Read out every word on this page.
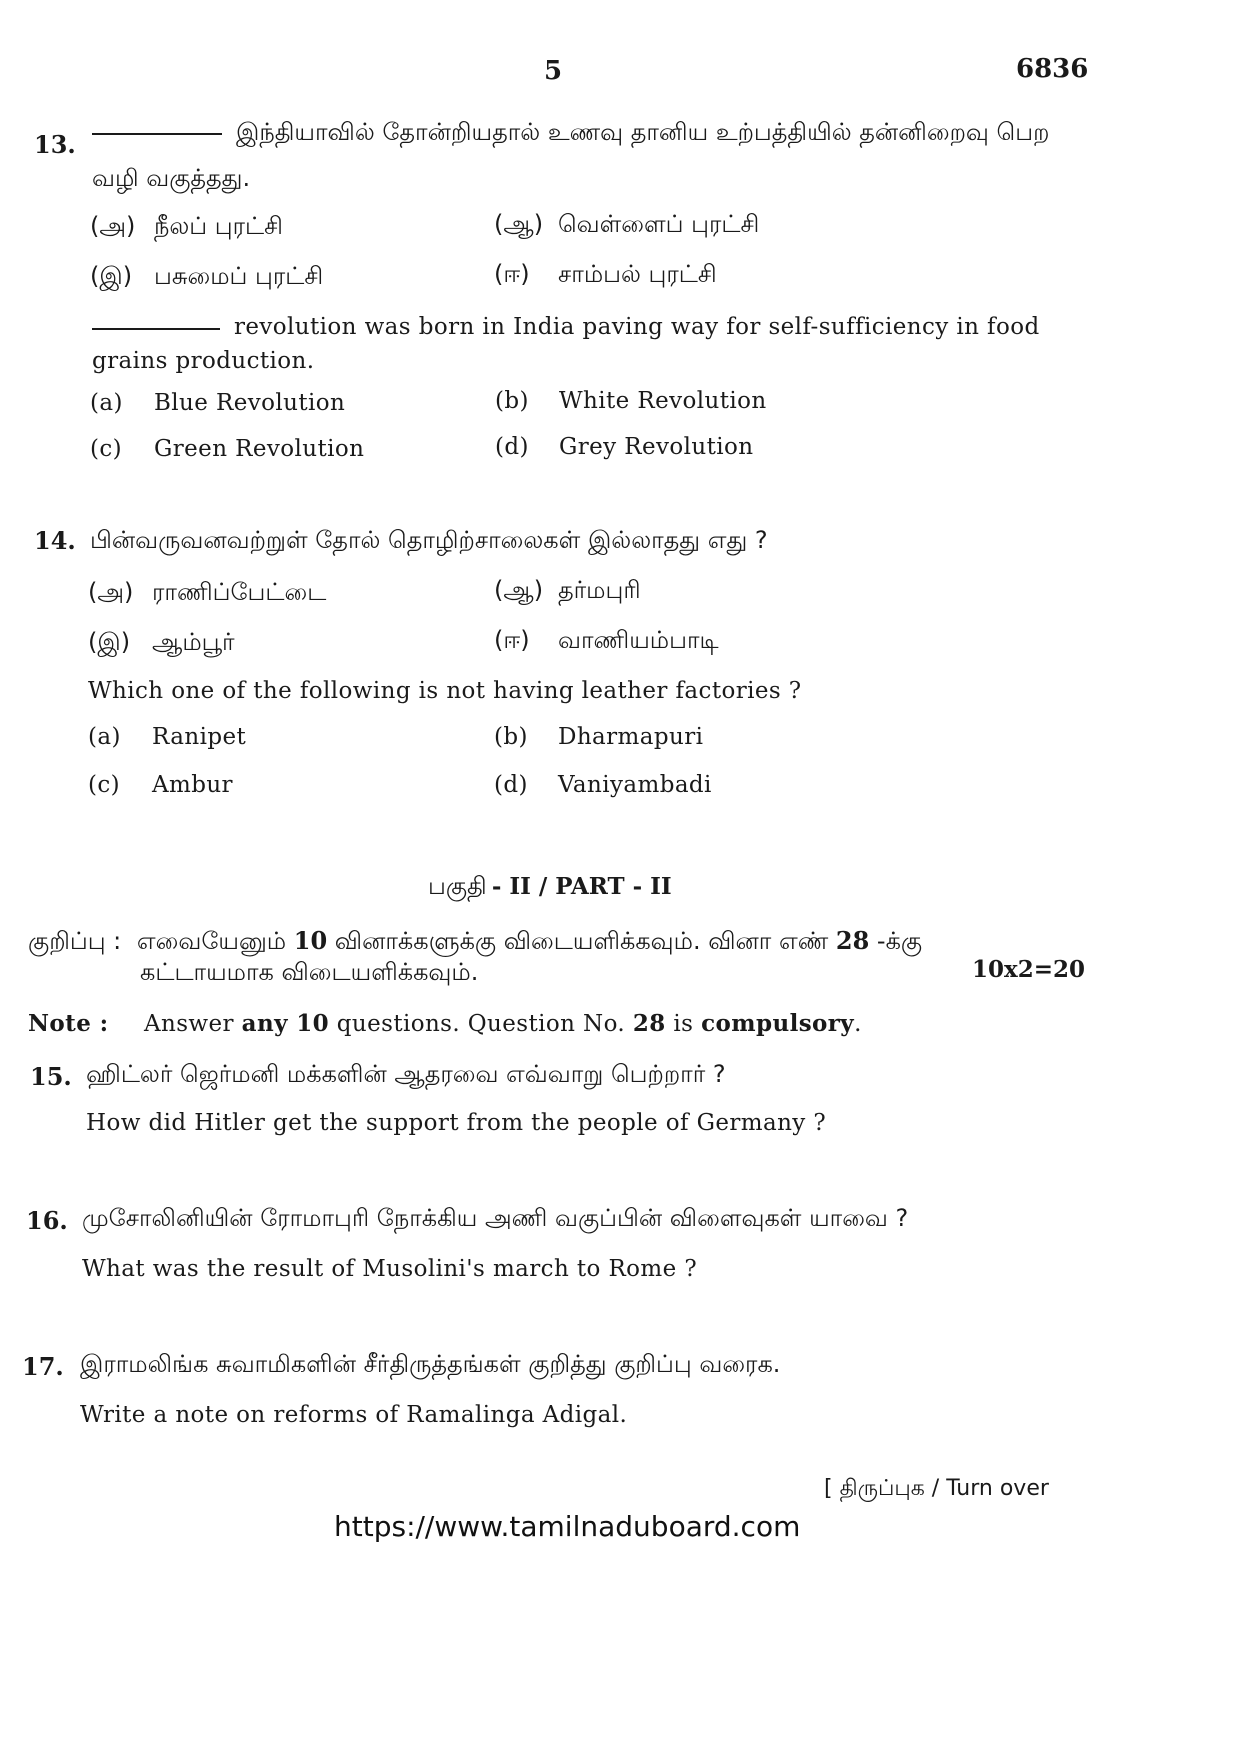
5	6836
13.	இந்தியாவில் தோன்றியதால் உணவு தானிய உற்பத்தியில் தன்னிறைவு பெற
வழி வகுத்தது.
(அ) நீலப் புரட்சி	(ஆ) வெள்ளைப் புரட்சி
(இ) பசுமைப் புரட்சி	(ஈ) சாம்பல் புரட்சி
revolution was born in India paving way for self-sufficiency in food
grains production.
(a) Blue Revolution	(b) White Revolution
(c) Green Revolution	(d) Grey Revolution
14. பின்வருவனவற்றுள் தோல் தொழிற்சாலைகள் இல்லாதது எது ?
(அ) ராணிப்பேட்டை	(ஆ) தர்மபுரி
(இ) ஆம்பூர்	(ஈ) வாணியம்பாடி
Which one of the following is not having leather factories ?
(a) Ranipet	(b) Dharmapuri
(c) Ambur	(d) Vaniyambadi
பகுதி - II / PART - II
குறிப்பு : எவையேனும் 10 வினாக்களுக்கு விடையளிக்கவும். வினா எண் 28 -க்கு
கட்டாயமாக விடையளிக்கவும்.	10x2=20
Note : Answer any 10 questions. Question No. 28 is compulsory.
15. ஹிட்லர் ஜெர்மனி மக்களின் ஆதரவை எவ்வாறு பெற்றார் ?
How did Hitler get the support from the people of Germany ?
16. முசோலினியின் ரோமாபுரி நோக்கிய அணி வகுப்பின் விளைவுகள் யாவை ?
What was the result of Musolini's march to Rome ?
17. இராமலிங்க சுவாமிகளின் சீர்திருத்தங்கள் குறித்து குறிப்பு வரைக.
Write a note on reforms of Ramalinga Adigal.
[ திருப்புக / Turn over
https://www.tamilnaduboard.com
